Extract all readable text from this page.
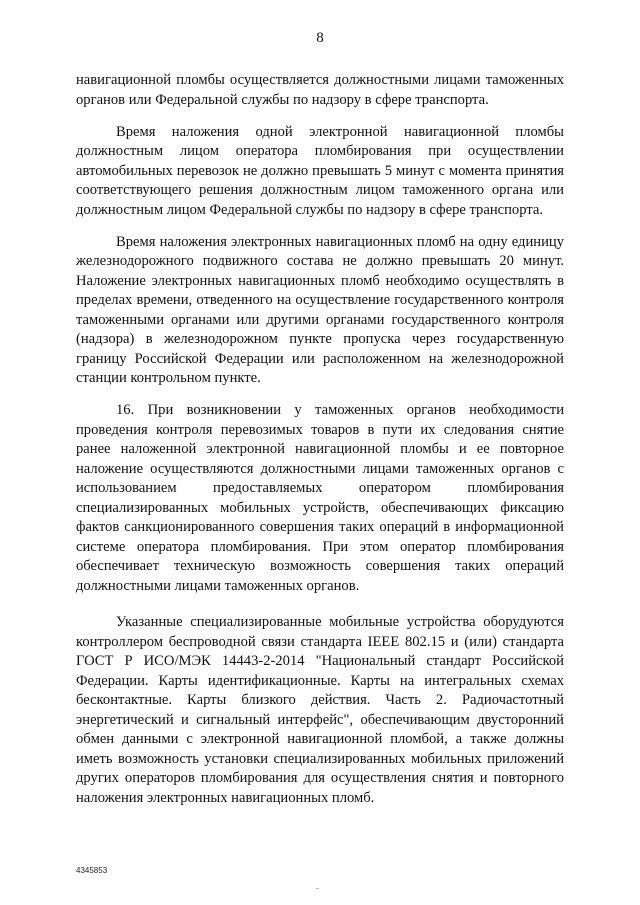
8

навигационной пломбы осуществляется должностными лицами таможенных органов или Федеральной службы по надзору в сфере транспорта.

Время наложения одной электронной навигационной пломбы должностным лицом оператора пломбирования при осуществлении автомобильных перевозок не должно превышать 5 минут с момента принятия соответствующего решения должностным лицом таможенного органа или должностным лицом Федеральной службы по надзору в сфере транспорта.

Время наложения электронных навигационных пломб на одну единицу железнодорожного подвижного состава не должно превышать 20 минут. Наложение электронных навигационных пломб необходимо осуществлять в пределах времени, отведенного на осуществление государственного контроля таможенными органами или другими органами государственного контроля (надзора) в железнодорожном пункте пропуска через государственную границу Российской Федерации или расположенном на железнодорожной станции контрольном пункте.

16. При возникновении у таможенных органов необходимости проведения контроля перевозимых товаров в пути их следования снятие ранее наложенной электронной навигационной пломбы и ее повторное наложение осуществляются должностными лицами таможенных органов с использованием предоставляемых оператором пломбирования специализированных мобильных устройств, обеспечивающих фиксацию фактов санкционированного совершения таких операций в информационной системе оператора пломбирования. При этом оператор пломбирования обеспечивает техническую возможность совершения таких операций должностными лицами таможенных органов.

Указанные специализированные мобильные устройства оборудуются контроллером беспроводной связи стандарта IEEE 802.15 и (или) стандарта ГОСТ Р ИСО/МЭК 14443-2-2014 "Национальный стандарт Российской Федерации. Карты идентификационные. Карты на интегральных схемах бесконтактные. Карты близкого действия. Часть 2. Радиочастотный энергетический и сигнальный интерфейс", обеспечивающим двусторонний обмен данными с электронной навигационной пломбой, а также должны иметь возможность установки специализированных мобильных приложений других операторов пломбирования для осуществления снятия и повторного наложения электронных навигационных пломб.

4345853
